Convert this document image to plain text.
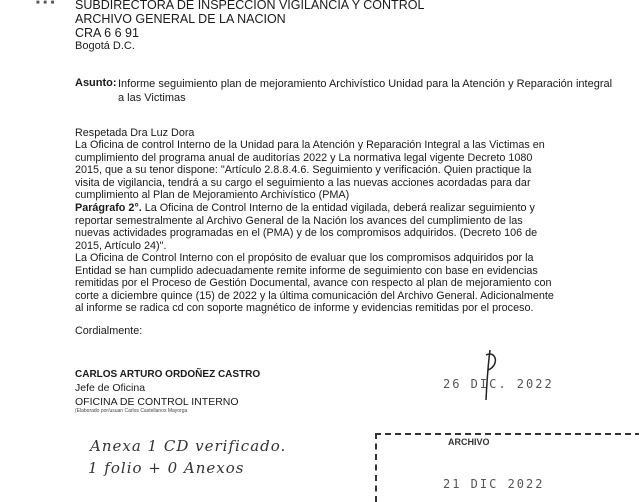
■ ■ ■ SUBDIRECTORA DE INSPECCION VIGILANCIA Y CONTROL
ARCHIVO GENERAL DE LA NACION
CRA 6 6 91
Bogotá D.C.
Asunto: Informe seguimiento plan de mejoramiento Archivístico Unidad para la Atención y Reparación integral a las Victimas
Respetada Dra Luz Dora
La Oficina de control Interno de la Unidad para la Atención y Reparación Integral a las Victimas en cumplimiento del programa anual de auditorías 2022 y La normativa legal vigente Decreto 1080 2015, que a su tenor dispone: "Artículo 2.8.8.4.6. Seguimiento y verificación. Quien practique la visita de vigilancia, tendrá a su cargo el seguimiento a las nuevas acciones acordadas para dar cumplimiento al Plan de Mejoramiento Archivístico (PMA)
Parágrafo 2°. La Oficina de Control Interno de la entidad vigilada, deberá realizar seguimiento y reportar semestralmente al Archivo General de la Nación los avances del cumplimiento de las nuevas actividades programadas en el (PMA) y de los compromisos adquiridos. (Decreto 106 de 2015, Artículo 24)".
La Oficina de Control Interno con el propósito de evaluar que los compromisos adquiridos por la Entidad se han cumplido adecuadamente remite informe de seguimiento con base en evidencias remitidas por el Proceso de Gestión Documental, avance con respecto al plan de mejoramiento con corte a diciembre quince (15) de 2022 y la última comunicación del Archivo General. Adicionalmente al informe se radica cd con soporte magnético de informe y evidencias remitidas por el proceso.
Cordialmente:
CARLOS ARTURO ORDOÑEZ CASTRO
Jefe de Oficina
OFICINA DE CONTROL INTERNO
(Elaborado por/usuan Carlos Castellanos Mayorga
26 DIC. 2022
Anexa 1 CD verificado.
1 folio + 0 Anexos
ARCHIVO
21 DIC 2022
